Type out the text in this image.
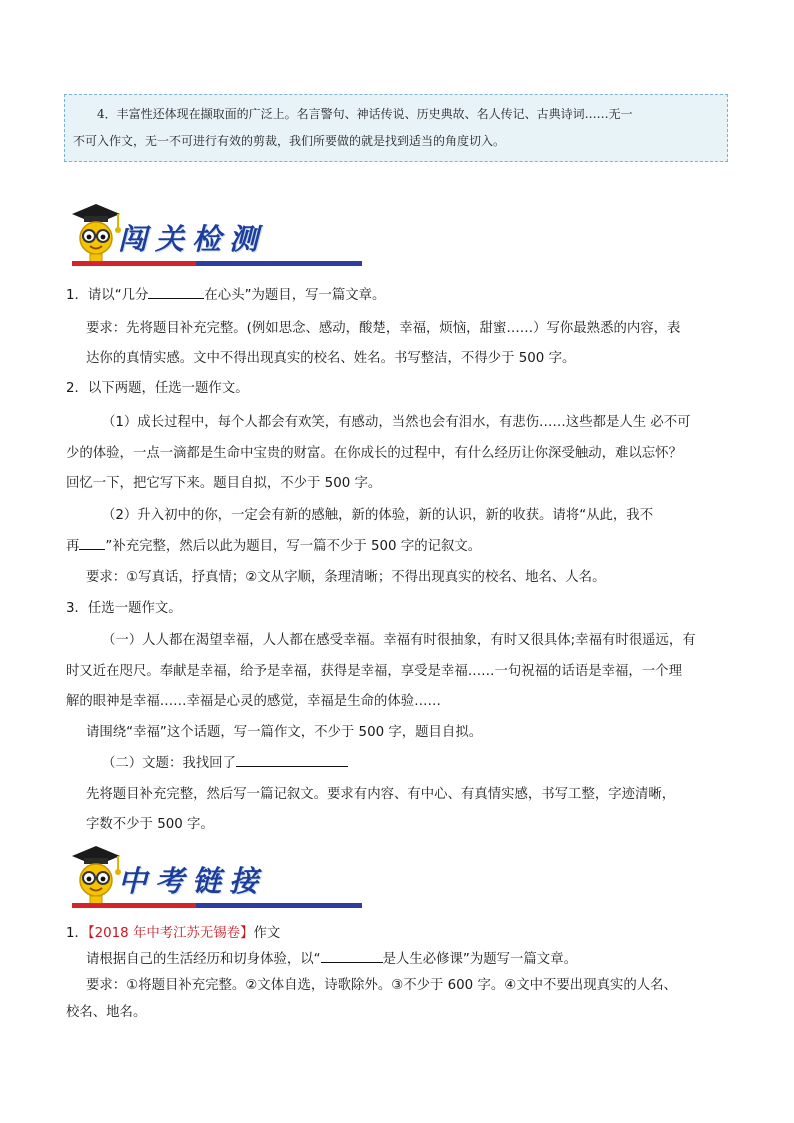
4．丰富性还体现在撷取面的广泛上。名言警句、神话传说、历史典故、名人传记、古典诗词……无一
不可入作文，无一不可进行有效的剪裁，我们所要做的就是找到适当的角度切入。
闯关检测
1．请以“几分	在心头”为题目，写一篇文章。
要求：先将题目补充完整。(例如思念、感动，酸楚，幸福，烦恼，甜蜜……）写你最熟悉的内容，表
达你的真情实感。文中不得出现真实的校名、姓名。书写整洁，不得少于 500 字。
2．以下两题，任选一题作文。
（1）成长过程中，每个人都会有欢笑，有感动，当然也会有泪水，有悲伤……这些都是人生 必不可
少的体验，一点一滴都是生命中宝贵的财富。在你成长的过程中，有什么经历让你深受触动，难以忘怀？
回忆一下，把它写下来。题目自拟，不少于 500 字。
（2）升入初中的你，一定会有新的感触，新的体验，新的认识，新的收获。请将“从此，我不
再 ”补充完整，然后以此为题目，写一篇不少于 500 字的记叙文。
要求：①写真话，抒真情；②文从字顺，条理清晰；不得出现真实的校名、地名、人名。
3．任选一题作文。
（一）人人都在渴望幸福，人人都在感受幸福。幸福有时很抽象，有时又很具体;幸福有时很遥远，有
时又近在咫尺。奉献是幸福，给予是幸福，获得是幸福，享受是幸福……一句祝福的话语是幸福，一个理
解的眼神是幸福……幸福是心灵的感觉，幸福是生命的体验……
请围绕“幸福”这个话题，写一篇作文，不少于 500 字，题目自拟。
（二）文题：我找回了
先将题目补充完整，然后写一篇记叙文。要求有内容、有中心、有真情实感，书写工整，字迹清晰，
字数不少于 500 字。
中考链接
1．【2018 年中考江苏无锡卷】作文
请根据自己的生活经历和切身体验，以“	是人生必修课”为题写一篇文章。
要求：①将题目补充完整。②文体自选，诗歌除外。③不少于 600 字。④文中不要出现真实的人名、
校名、地名。
